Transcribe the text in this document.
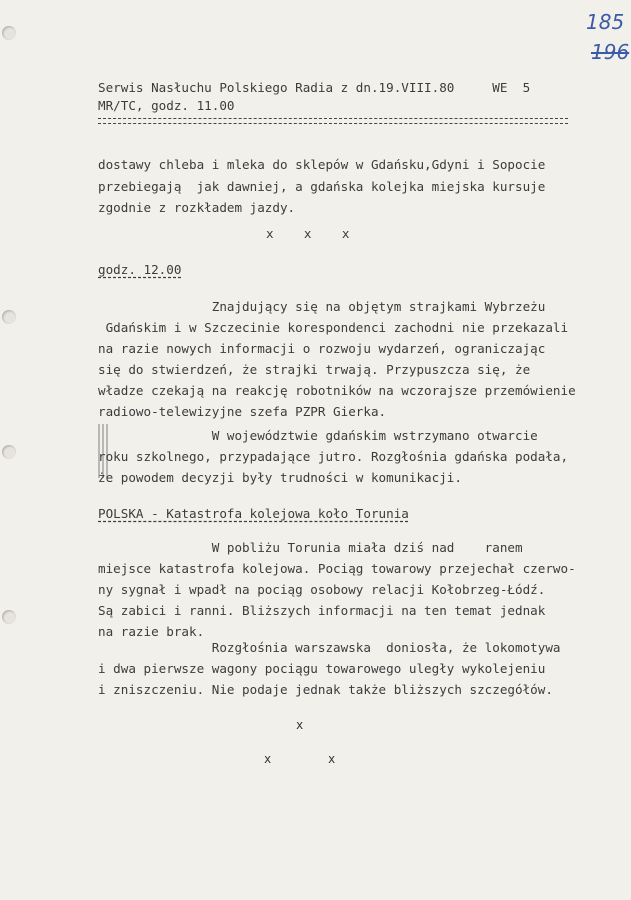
185
196
Serwis Nasłuchu Polskiego Radia z dn.19.VIII.80     WE  5
MR/TC, godz. 11.00
dostawy chleba i mleka do sklepów w Gdańsku,Gdyni i Sopocie
przebiegają  jak dawniej, a gdańska kolejka miejska kursuje
zgodnie z rozkładem jazdy.
x    x    x
godz. 12.00
Znajdujący się na objętym strajkami Wybrzeżu
Gdańskim i w Szczecinie korespondenci zachodni nie przekazali
na razie nowych informacji o rozwoju wydarzeń, ograniczając
się do stwierdzeń, że strajki trwają. Przypuszcza się, że
władze czekają na reakcję robotników na wczorajsze przemówienie
radiowo-telewizyjne szefa PZPR Gierka.
W województwie gdańskim wstrzymano otwarcie
roku szkolnego, przypadające jutro. Rozgłośnia gdańska podała,
że powodem decyzji były trudności w komunikacji.
POLSKA - Katastrofa kolejowa koło Torunia
W pobliżu Torunia miała dziś nad    ranem
miejsce katastrofa kolejowa. Pociąg towarowy przejechał czerwo-
ny sygnał i wpadł na pociąg osobowy relacji Kołobrzeg-Łódź.
Są zabici i ranni. Bliższych informacji na ten temat jednak
na razie brak.
Rozgłośnia warszawska  doniosła, że lokomotywa
i dwa pierwsze wagony pociągu towarowego uległy wykolejeniu
i zniszczeniu. Nie podaje jednak także bliższych szczegółów.
x
x	x
